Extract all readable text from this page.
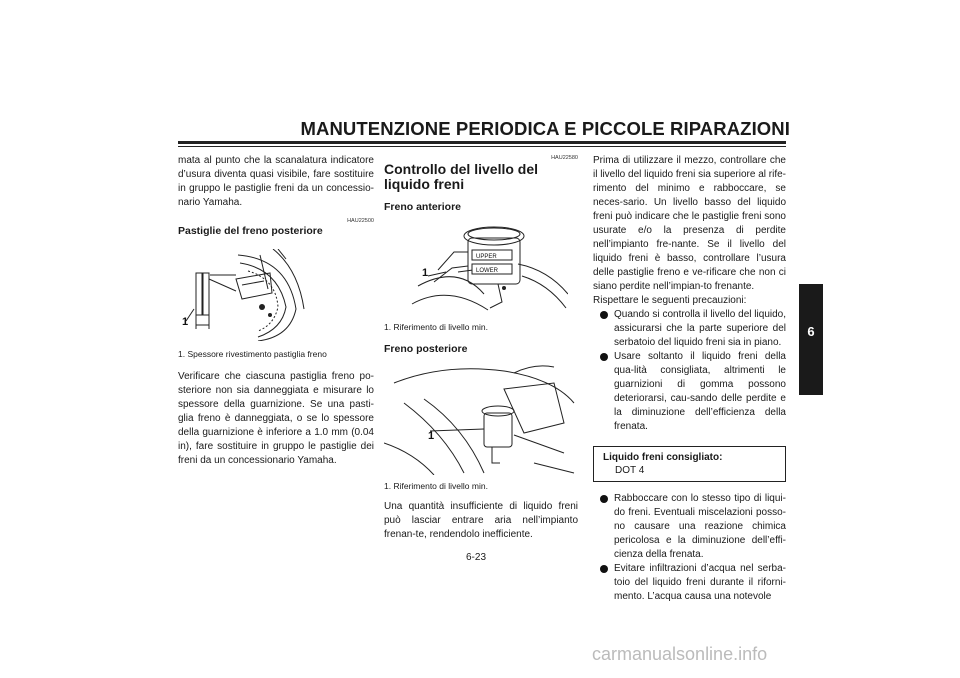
MANUTENZIONE PERIODICA E PICCOLE RIPARAZIONI

mata al punto che la scanalatura indicatore d’usura diventa quasi visibile, fare sostituire in gruppo le pastiglie freni da un concessio-nario Yamaha.

HAU22500

Pastiglie del freno posteriore

1

1. Spessore rivestimento pastiglia freno

Verificare che ciascuna pastiglia freno po-steriore non sia danneggiata e misurare lo spessore della guarnizione. Se una pasti-glia freno è danneggiata, o se lo spessore della guarnizione è inferiore a 1.0 mm (0.04 in), fare sostituire in gruppo le pastiglie dei freni da un concessionario Yamaha.

HAU22580

Controllo del livello del liquido freni

Freno anteriore

UPPER
LOWER
1

1. Riferimento di livello min.

Freno posteriore

1

1. Riferimento di livello min.

Una quantità insufficiente di liquido freni può lasciar entrare aria nell’impianto frenan-te, rendendolo inefficiente.

Prima di utilizzare il mezzo, controllare che il livello del liquido freni sia superiore al rife-rimento del minimo e rabboccare, se neces-sario. Un livello basso del liquido freni può indicare che le pastiglie freni sono usurate e/o la presenza di perdite nell’impianto fre-nante. Se il livello del liquido freni è basso, controllare l’usura delle pastiglie freno e ve-rificare che non ci siano perdite nell’impian-to frenante.

Rispettare le seguenti precauzioni:

Quando si controlla il livello del liquido, assicurarsi che la parte superiore del serbatoio del liquido freni sia in piano.
Usare soltanto il liquido freni della qua-lità consigliata, altrimenti le guarnizioni di gomma possono deteriorarsi, cau-sando delle perdite e la diminuzione dell’efficienza della frenata.
Liquido freni consigliato:
DOT 4
Rabboccare con lo stesso tipo di liqui-do freni. Eventuali miscelazioni posso-no causare una reazione chimica pericolosa e la diminuzione dell’effi-cienza della frenata.
Evitare infiltrazioni d’acqua nel serba-toio del liquido freni durante il riforni-mento. L’acqua causa una notevole
6-23
6
carmanualsonline.info
